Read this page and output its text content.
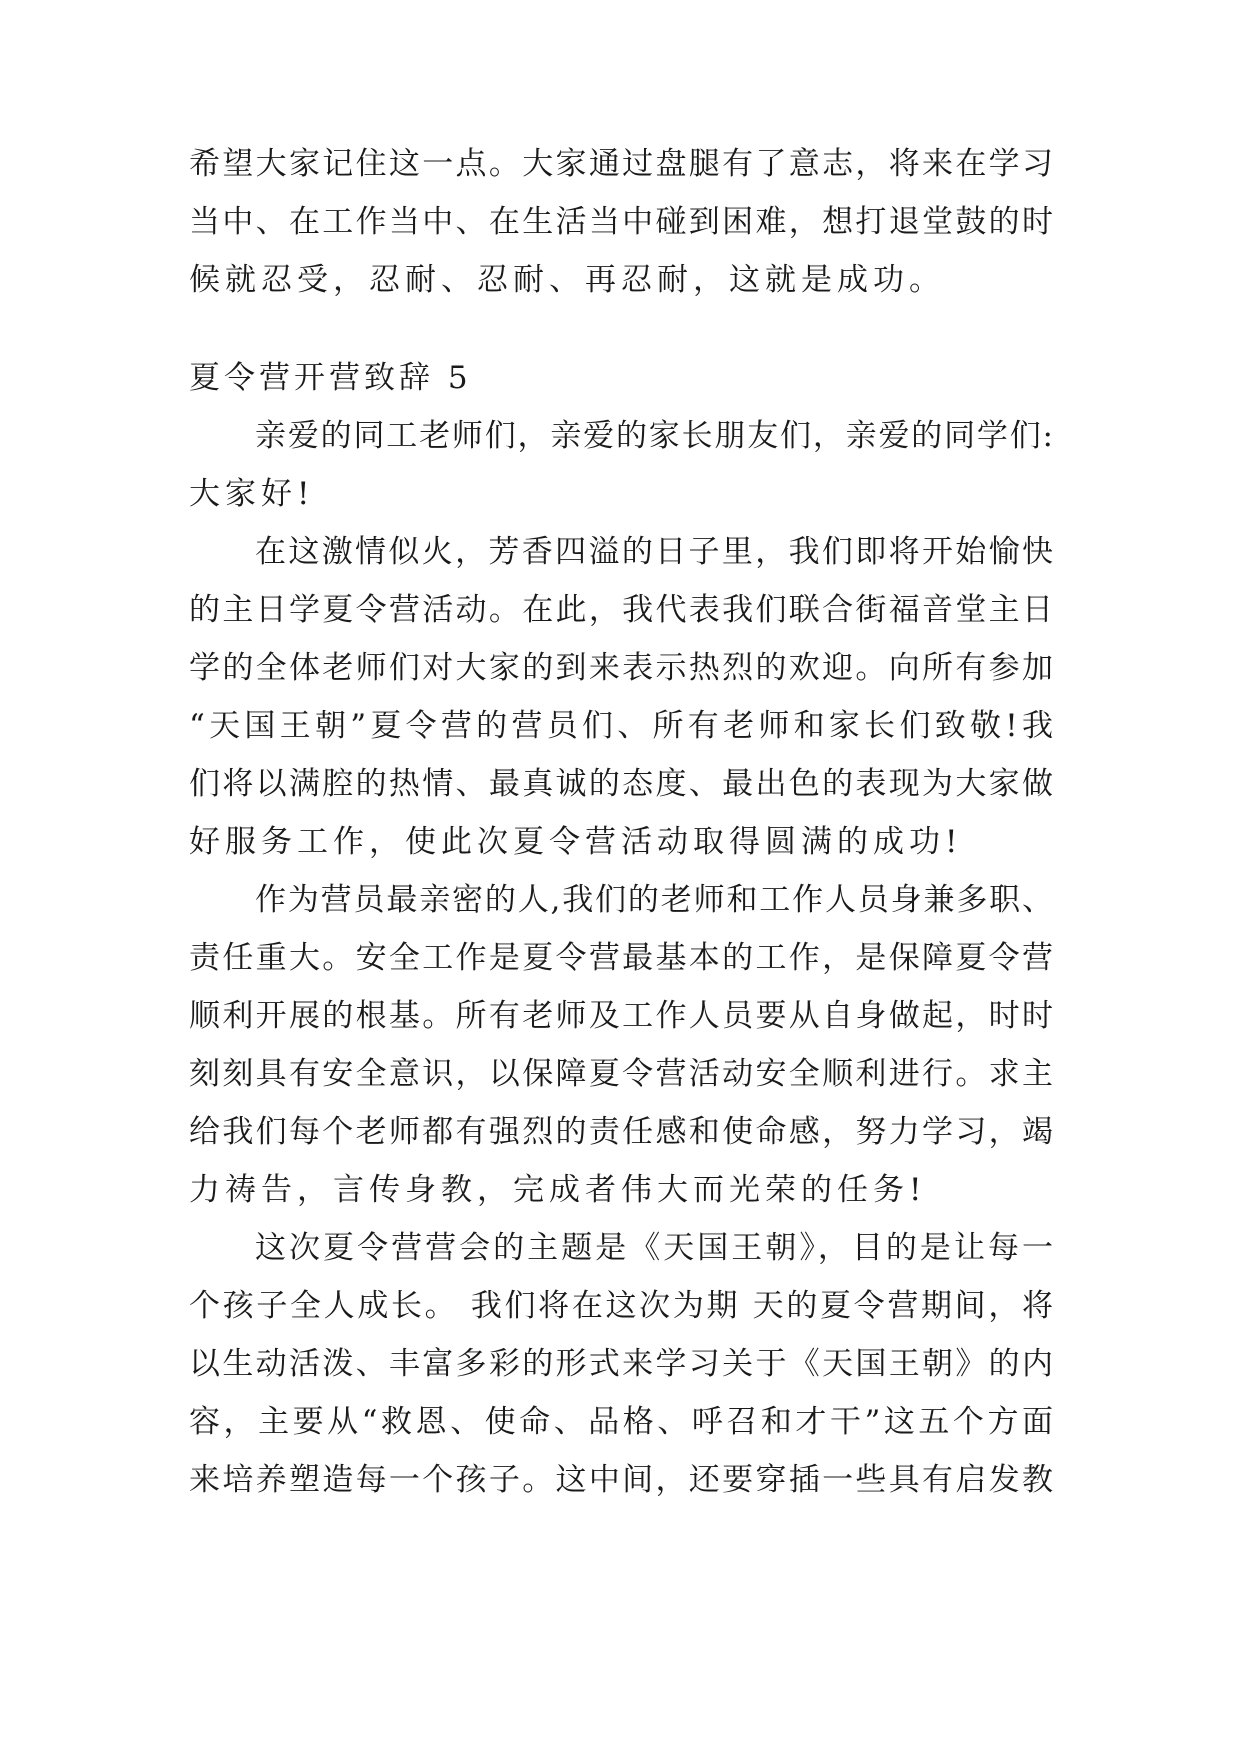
希望大家记住这一点。大家通过盘腿有了意志，将来在学习
当中、在工作当中、在生活当中碰到困难，想打退堂鼓的时
候就忍受，忍耐、忍耐、再忍耐，这就是成功。
夏令营开营致辞 5
亲爱的同工老师们，亲爱的家长朋友们，亲爱的同学们:
大家好!
在这激情似火，芳香四溢的日子里，我们即将开始愉快
的主日学夏令营活动。在此，我代表我们联合街福音堂主日
学的全体老师们对大家的到来表示热烈的欢迎。向所有参加
“天国王朝”夏令营的营员们、所有老师和家长们致敬!我
们将以满腔的热情、最真诚的态度、最出色的表现为大家做
好服务工作，使此次夏令营活动取得圆满的成功!
作为营员最亲密的人,我们的老师和工作人员身兼多职、
责任重大。安全工作是夏令营最基本的工作，是保障夏令营
顺利开展的根基。所有老师及工作人员要从自身做起，时时
刻刻具有安全意识，以保障夏令营活动安全顺利进行。求主
给我们每个老师都有强烈的责任感和使命感，努力学习，竭
力祷告，言传身教，完成者伟大而光荣的任务!
这次夏令营营会的主题是《天国王朝》，目的是让每一
个孩子全人成长。 我们将在这次为期 天的夏令营期间，将
以生动活泼、丰富多彩的形式来学习关于《天国王朝》的内
容，主要从“救恩、使命、品格、呼召和才干”这五个方面
来培养塑造每一个孩子。这中间，还要穿插一些具有启发教
